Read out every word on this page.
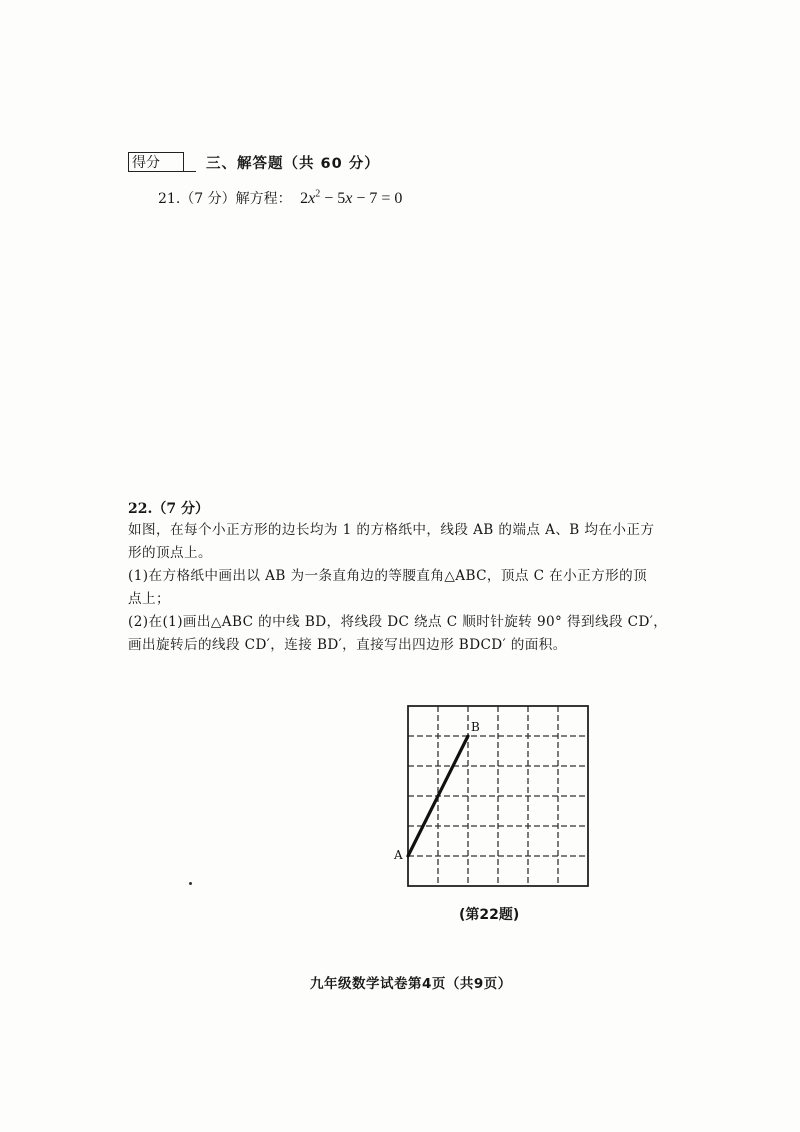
得分	三、解答题（共 60 分）
21.（7 分）解方程： $2x^2 - 5x - 7 = 0$
22.（7 分）

如图，在每个小正方形的边长均为 1 的方格纸中，线段 AB 的端点 A、B 均在小正方

形的顶点上。

(1)在方格纸中画出以 AB 为一条直角边的等腰直角△ABC，顶点 C 在小正方形的顶

点上；

(2)在(1)画出△ABC 的中线 BD，将线段 DC 绕点 C 顺时针旋转 90° 得到线段 CD′，

画出旋转后的线段 CD′，连接 BD′，直接写出四边形 BDCD′ 的面积。

A
B
(第22题)
九年级数学试卷第4页（共9页）
